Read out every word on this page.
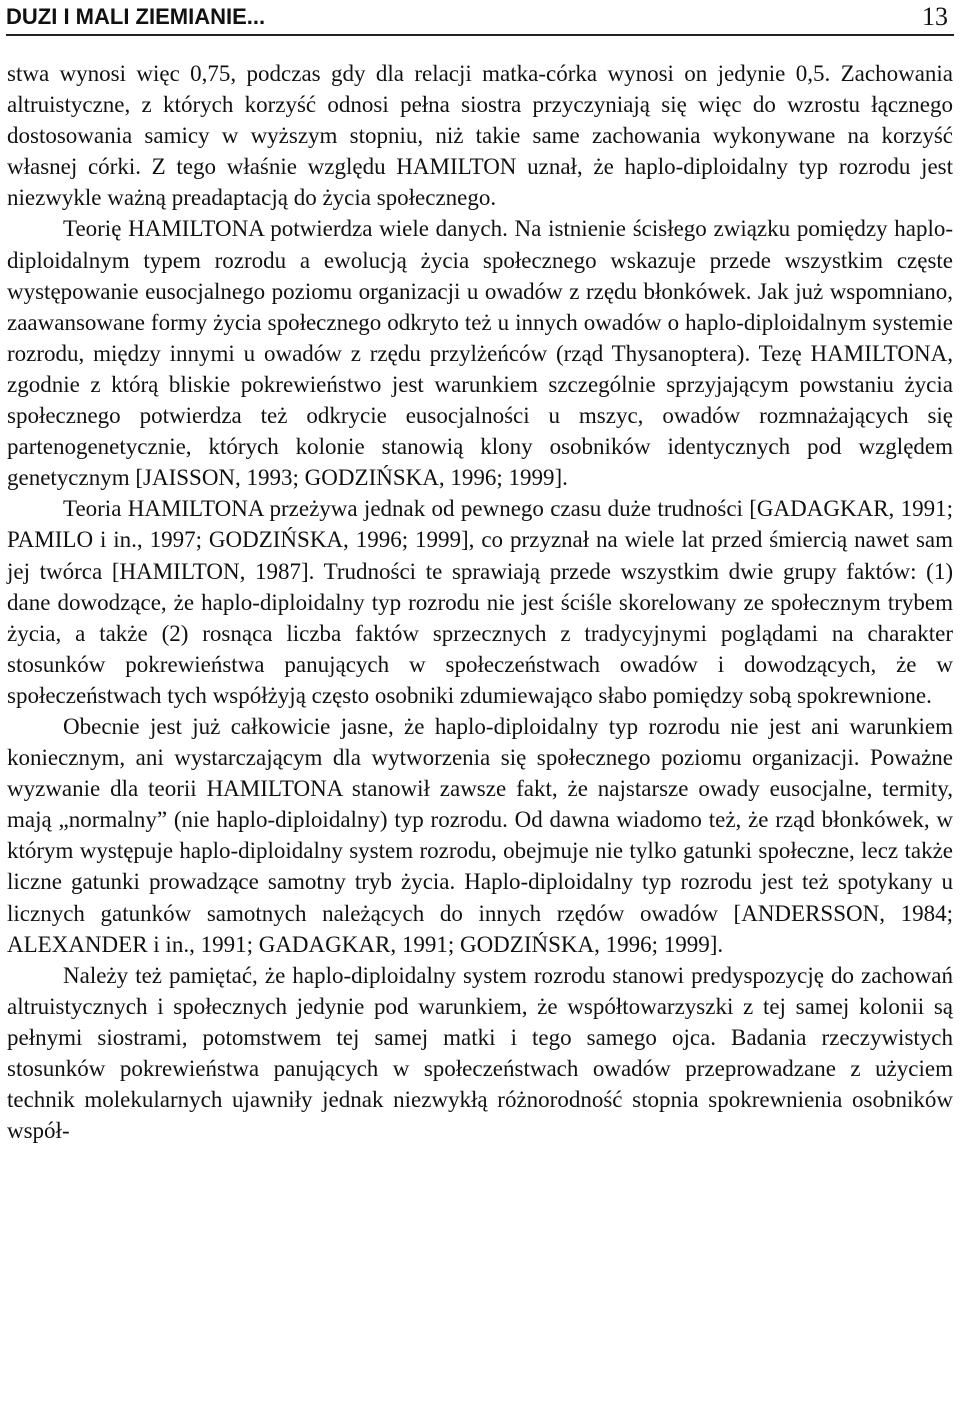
DUZI I MALI ZIEMIANIE...	13

stwa wynosi więc 0,75, podczas gdy dla relacji matka-córka wynosi on jedynie 0,5. Zachowania altruistyczne, z których korzyść odnosi pełna siostra przyczyniają się więc do wzrostu łącznego dostosowania samicy w wyższym stopniu, niż takie same zachowania wykonywane na korzyść własnej córki. Z tego właśnie względu HAMILTON uznał, że haplo-diploidalny typ rozrodu jest niezwykle ważną preadaptacją do życia społecznego.

Teorię HAMILTONA potwierdza wiele danych. Na istnienie ścisłego związku pomiędzy haplo-diploidalnym typem rozrodu a ewolucją życia społecznego wskazuje przede wszystkim częste występowanie eusocjalnego poziomu organizacji u owadów z rzędu błonkówek. Jak już wspomniano, zaawansowane formy życia społecznego odkryto też u innych owadów o haplo-diploidalnym systemie rozrodu, między innymi u owadów z rzędu przylżeńców (rząd Thysanoptera). Tezę HAMILTONA, zgodnie z którą bliskie pokrewieństwo jest warunkiem szczególnie sprzyjającym powstaniu życia społecznego potwierdza też odkrycie eusocjalności u mszyc, owadów rozmnażających się partenogenetycznie, których kolonie stanowią klony osobników identycznych pod względem genetycznym [JAISSON, 1993; GODZIŃSKA, 1996; 1999].

Teoria HAMILTONA przeżywa jednak od pewnego czasu duże trudności [GADAGKAR, 1991; PAMILO i in., 1997; GODZIŃSKA, 1996; 1999], co przyznał na wiele lat przed śmiercią nawet sam jej twórca [HAMILTON, 1987]. Trudności te sprawiają przede wszystkim dwie grupy faktów: (1) dane dowodzące, że haplo-diploidalny typ rozrodu nie jest ściśle skorelowany ze społecznym trybem życia, a także (2) rosnąca liczba faktów sprzecznych z tradycyjnymi poglądami na charakter stosunków pokrewieństwa panujących w społeczeństwach owadów i dowodzących, że w społeczeństwach tych współżyją często osobniki zdumiewająco słabo pomiędzy sobą spokrewnione.

Obecnie jest już całkowicie jasne, że haplo-diploidalny typ rozrodu nie jest ani warunkiem koniecznym, ani wystarczającym dla wytworzenia się społecznego poziomu organizacji. Poważne wyzwanie dla teorii HAMILTONA stanowił zawsze fakt, że najstarsze owady eusocjalne, termity, mają „normalny” (nie haplo-diploidalny) typ rozrodu. Od dawna wiadomo też, że rząd błonkówek, w którym występuje haplo-diploidalny system rozrodu, obejmuje nie tylko gatunki społeczne, lecz także liczne gatunki prowadzące samotny tryb życia. Haplo-diploidalny typ rozrodu jest też spotykany u licznych gatunków samotnych należących do innych rzędów owadów [ANDERSSON, 1984; ALEXANDER i in., 1991; GADAGKAR, 1991; GODZIŃSKA, 1996; 1999].

Należy też pamiętać, że haplo-diploidalny system rozrodu stanowi predyspozycję do zachowań altruistycznych i społecznych jedynie pod warunkiem, że współtowarzyszki z tej samej kolonii są pełnymi siostrami, potomstwem tej samej matki i tego samego ojca. Badania rzeczywistych stosunków pokrewieństwa panujących w społeczeństwach owadów przeprowadzane z użyciem technik molekularnych ujawniły jednak niezwykłą różnorodność stopnia spokrewnienia osobników współ-
